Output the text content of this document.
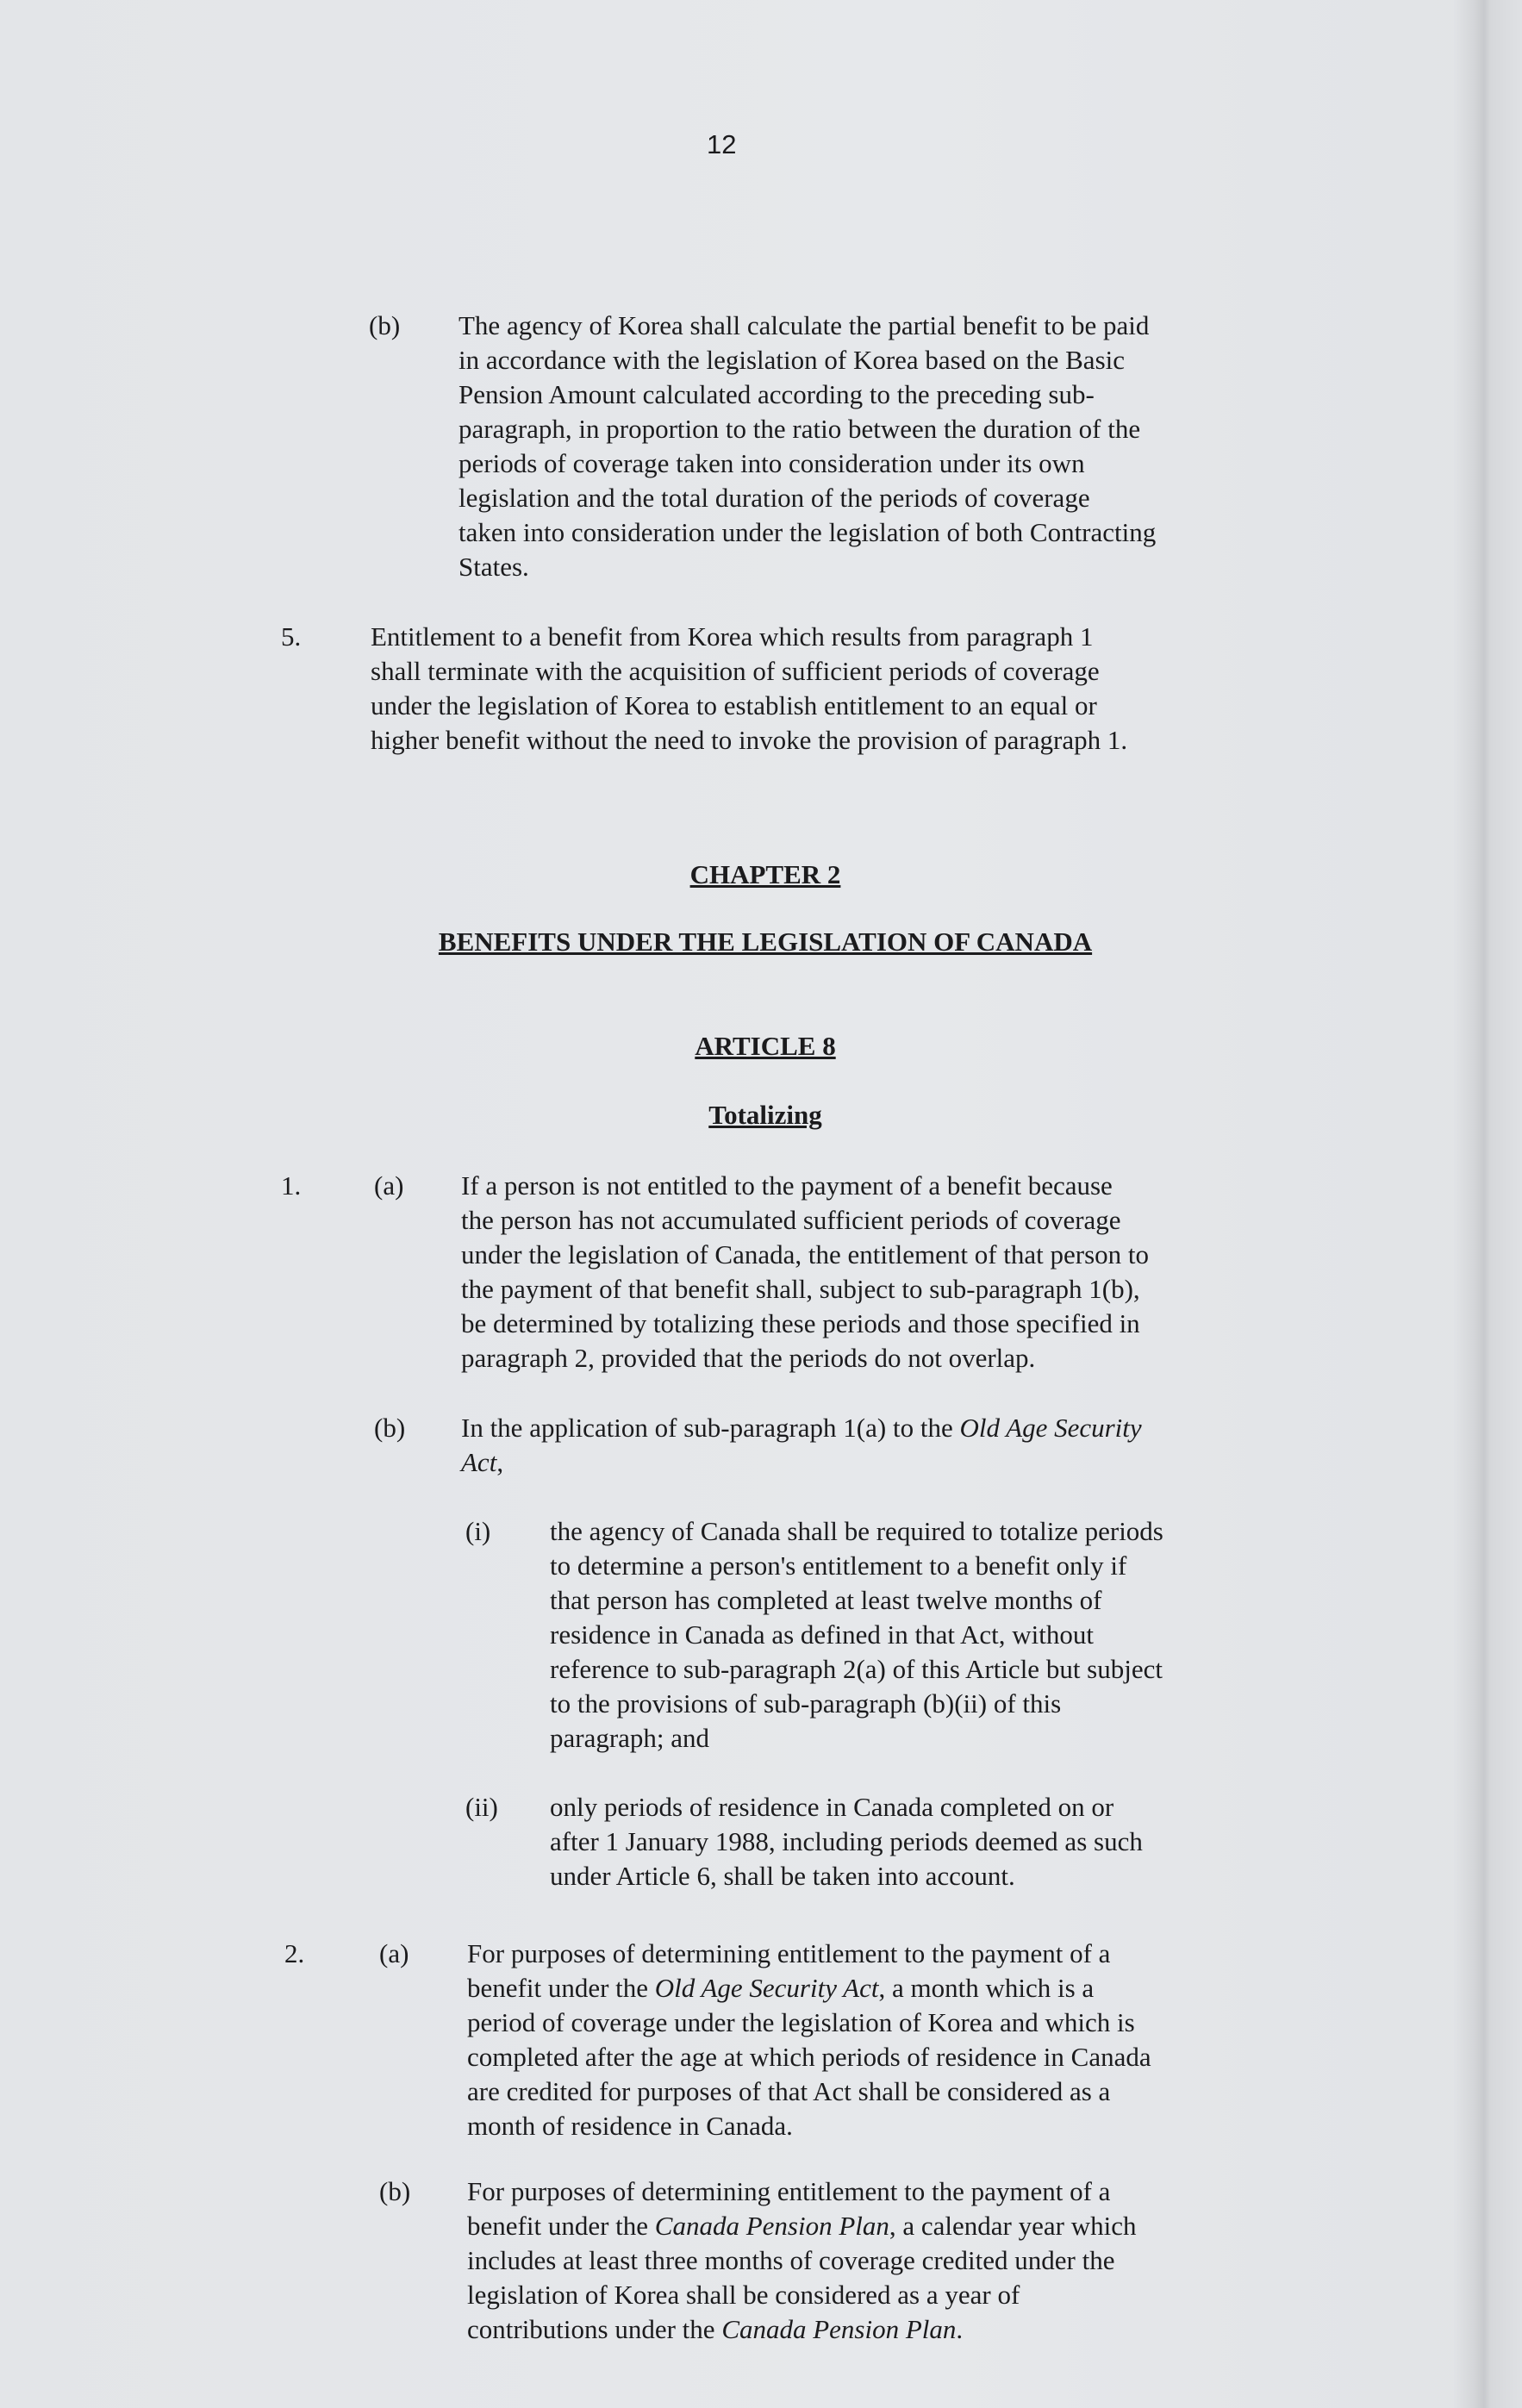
12
(b) The agency of Korea shall calculate the partial benefit to be paid
in accordance with the legislation of Korea based on the Basic
Pension Amount calculated according to the preceding sub-
paragraph, in proportion to the ratio between the duration of the
periods of coverage taken into consideration under its own
legislation and the total duration of the periods of coverage
taken into consideration under the legislation of both Contracting
States.
5.	Entitlement to a benefit from Korea which results from paragraph 1
shall terminate with the acquisition of sufficient periods of coverage
under the legislation of Korea to establish entitlement to an equal or
higher benefit without the need to invoke the provision of paragraph 1.
CHAPTER 2
BENEFITS UNDER THE LEGISLATION OF CANADA
ARTICLE 8
Totalizing
1.	(a) If a person is not entitled to the payment of a benefit because
the person has not accumulated sufficient periods of coverage
under the legislation of Canada, the entitlement of that person to
the payment of that benefit shall, subject to sub-paragraph 1(b),
be determined by totalizing these periods and those specified in
paragraph 2, provided that the periods do not overlap.
(b) In the application of sub-paragraph 1(a) to the Old Age Security
Act,
(i) the agency of Canada shall be required to totalize periods
to determine a person's entitlement to a benefit only if
that person has completed at least twelve months of
residence in Canada as defined in that Act, without
reference to sub-paragraph 2(a) of this Article but subject
to the provisions of sub-paragraph (b)(ii) of this
paragraph; and
(ii) only periods of residence in Canada completed on or
after 1 January 1988, including periods deemed as such
under Article 6, shall be taken into account.
2.	(a) For purposes of determining entitlement to the payment of a
benefit under the Old Age Security Act, a month which is a
period of coverage under the legislation of Korea and which is
completed after the age at which periods of residence in Canada
are credited for purposes of that Act shall be considered as a
month of residence in Canada.
(b) For purposes of determining entitlement to the payment of a
benefit under the Canada Pension Plan, a calendar year which
includes at least three months of coverage credited under the
legislation of Korea shall be considered as a year of
contributions under the Canada Pension Plan.
